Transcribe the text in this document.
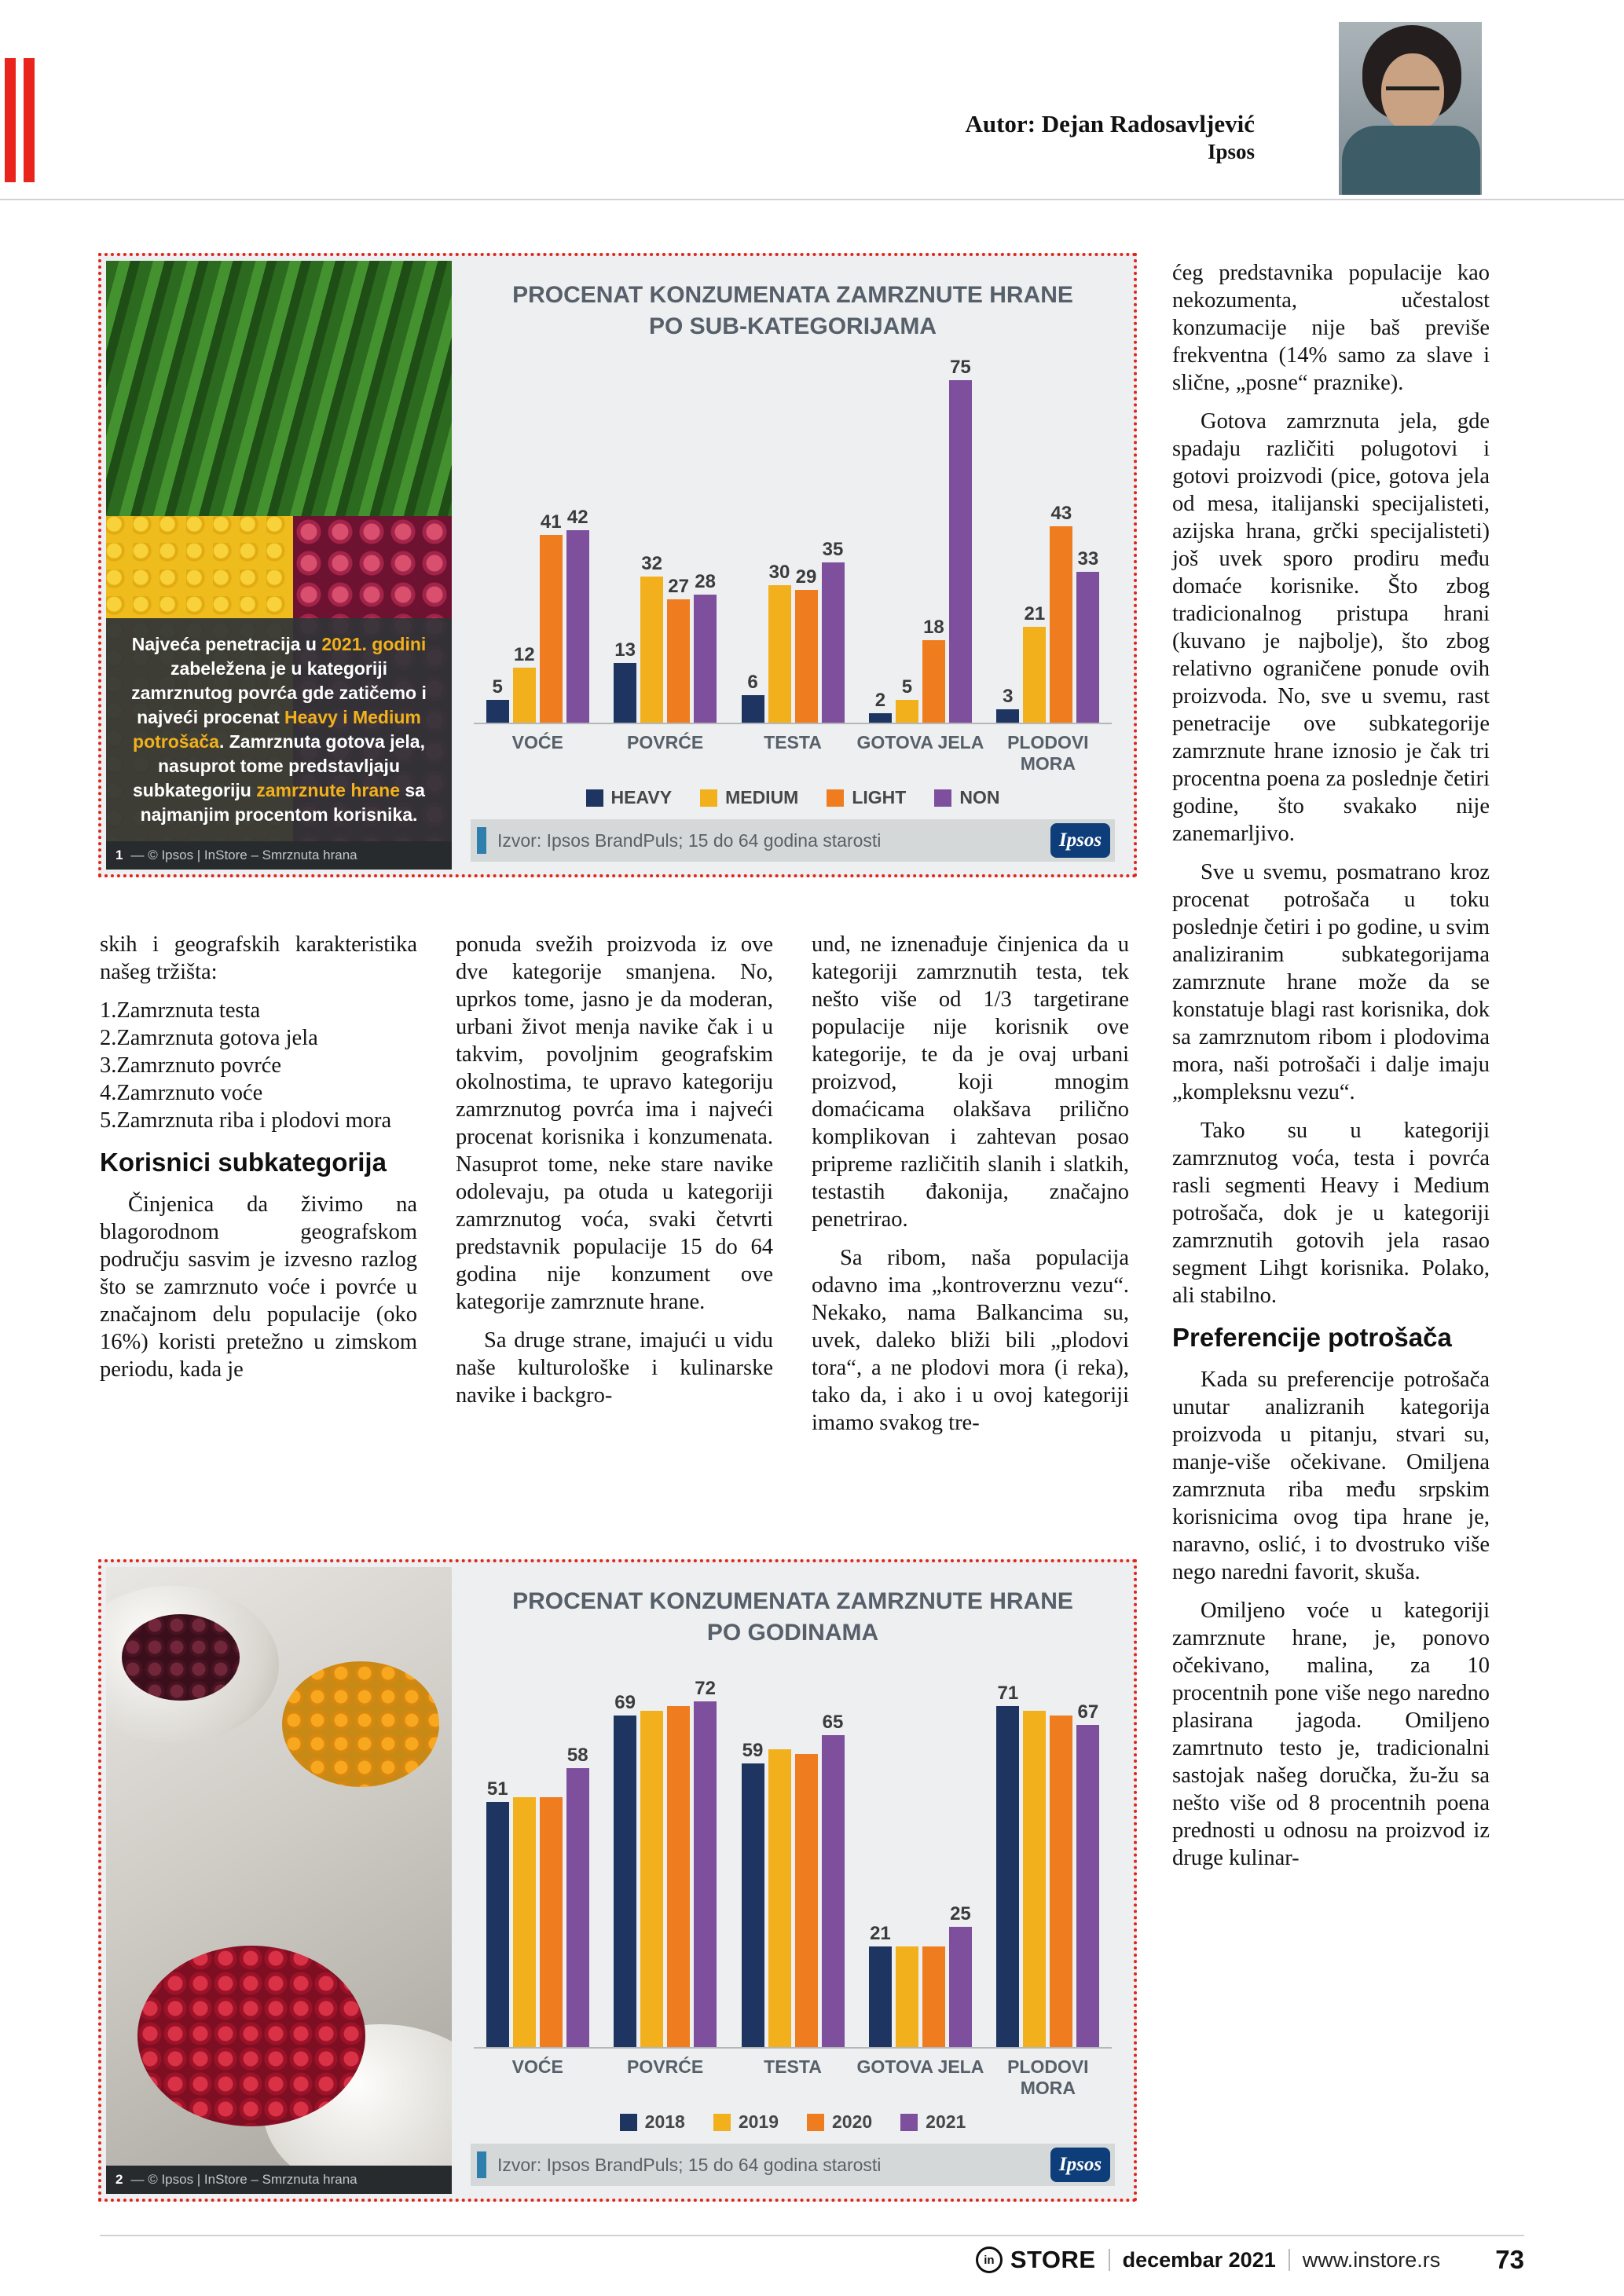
Autor: Dejan Radosavljević
Ipsos
Najveća penetracija u 2021. godini zabeležena je u kategoriji zamrznutog povrća gde zatičemo i najveći procenat Heavy i Medium potrošača. Zamrznuta gotova jela, nasuprot tome predstavljaju subkategoriju zamrznute hrane sa najmanjim procentom korisnika.
1 — © Ipsos | InStore – Smrznuta hrana
PROCENAT KONZUMENATA ZAMRZNUTE HRANE PO SUB-KATEGORIJAMA
5
12
41 42
13
32
27 28
6
30 29
35
2
5
18
75
3
21
43
33
VOĆE	POVRĆE	TESTA	GOTOVA JELA	PLODOVI MORA
HEAVY	MEDIUM	LIGHT	NON
Izvor: Ipsos BrandPuls; 15 do 64 godina starosti	Ipsos

skih i geografskih karakteristika našeg tržišta:

1.Zamrznuta testa
2.Zamrznuta gotova jela
3.Zamrznuto povrće
4.Zamrznuto voće
5.Zamrznuta riba i plodovi mora
Korisnici subkategorija

Činjenica da živimo na blagorodnom geografskom području sasvim je izvesno razlog što se zamrznuto voće i povrće u značajnom delu populacije (oko 16%) koristi pretežno u zimskom periodu, kada je

ponuda svežih proizvoda iz ove dve kategorije smanjena. No, uprkos tome, jasno je da moderan, urbani život menja navike čak i u takvim, povoljnim geografskim okolnostima, te upravo kategoriju zamrznutog povrća ima i najveći procenat korisnika i konzumenata. Nasuprot tome, neke stare navike odolevaju, pa otuda u kategoriji zamrznutog voća, svaki četvrti predstavnik populacije 15 do 64 godina nije konzument ove kategorije zamrznute hrane.

Sa druge strane, imajući u vidu naše kulturološke i kulinarske navike i backgro-

und, ne iznenađuje činjenica da u kategoriji zamrznutih testa, tek nešto više od 1/3 targetirane populacije nije korisnik ove kategorije, te da je ovaj urbani proizvod, koji mnogim domaćicama olakšava prilično komplikovan i zahtevan posao pripreme različitih slanih i slatkih, testastih đakonija, značajno penetrirao.

Sa ribom, naša populacija odavno ima „kontroverznu vezu“. Nekako, nama Balkancima su, uvek, daleko bliži bili „plodovi tora“, a ne plodovi mora (i reka), tako da, i ako i u ovoj kategoriji imamo svakog tre-

ćeg predstavnika populacije kao nekozumenta, učestalost konzumacije nije baš previše frekventna (14% samo za slave i slične, „posne“ praznike).

Gotova zamrznuta jela, gde spadaju različiti polugotovi i gotovi proizvodi (pice, gotova jela od mesa, italijanski specijalisteti, azijska hrana, grčki specijalisteti) još uvek sporo prodiru među domaće korisnike. Što zbog tradicionalnog pristupa hrani (kuvano je najbolje), što zbog relativno ograničene ponude ovih proizvoda. No, sve u svemu, rast penetracije ove subkategorije zamrznute hrane iznosio je čak tri procentna poena za poslednje četiri godine, što svakako nije zanemarljivo.

Sve u svemu, posmatrano kroz procenat potrošača u toku poslednje četiri i po godine, u svim analiziranim subkategorijama zamrznute hrane može da se konstatuje blagi rast korisnika, dok sa zamrznutom ribom i plodovima mora, naši potrošači i dalje imaju „kompleksnu vezu“.

Tako su u kategoriji zamrznutog voća, testa i povrća rasli segmenti Heavy i Medium potrošača, dok je u kategoriji zamrznutih gotovih jela rasao segment Lihgt korisnika. Polako, ali stabilno.

Preferencije potrošača

Kada su preferencije potrošača unutar analizranih kategorija proizvoda u pitanju, stvari su, manje-više očekivane. Omiljena zamrznuta riba među srpskim korisnicima ovog tipa hrane je, naravno, oslić, i to dvostruko više nego naredni favorit, skuša.

Omiljeno voće u kategoriji zamrznute hrane, je, ponovo očekivano, malina, za 10 procentnih pone više nego naredno plasirana jagoda. Omiljeno zamrtnuto testo je, tradicionalni sastojak našeg doručka, žu-žu sa nešto više od 8 procentnih poena prednosti u odnosu na proizvod iz druge kulinar-

2 — © Ipsos | InStore – Smrznuta hrana
PROCENAT KONZUMENATA ZAMRZNUTE HRANE PO GODINAMA
51
58
69
72
59
65
21
25
71
67
VOĆE	POVRĆE	TESTA	GOTOVA JELA	PLODOVI MORA
2018	2019	2020	2021
Izvor: Ipsos BrandPuls; 15 do 64 godina starosti	Ipsos
in STORE decembar 2021 www.instore.rs 73
